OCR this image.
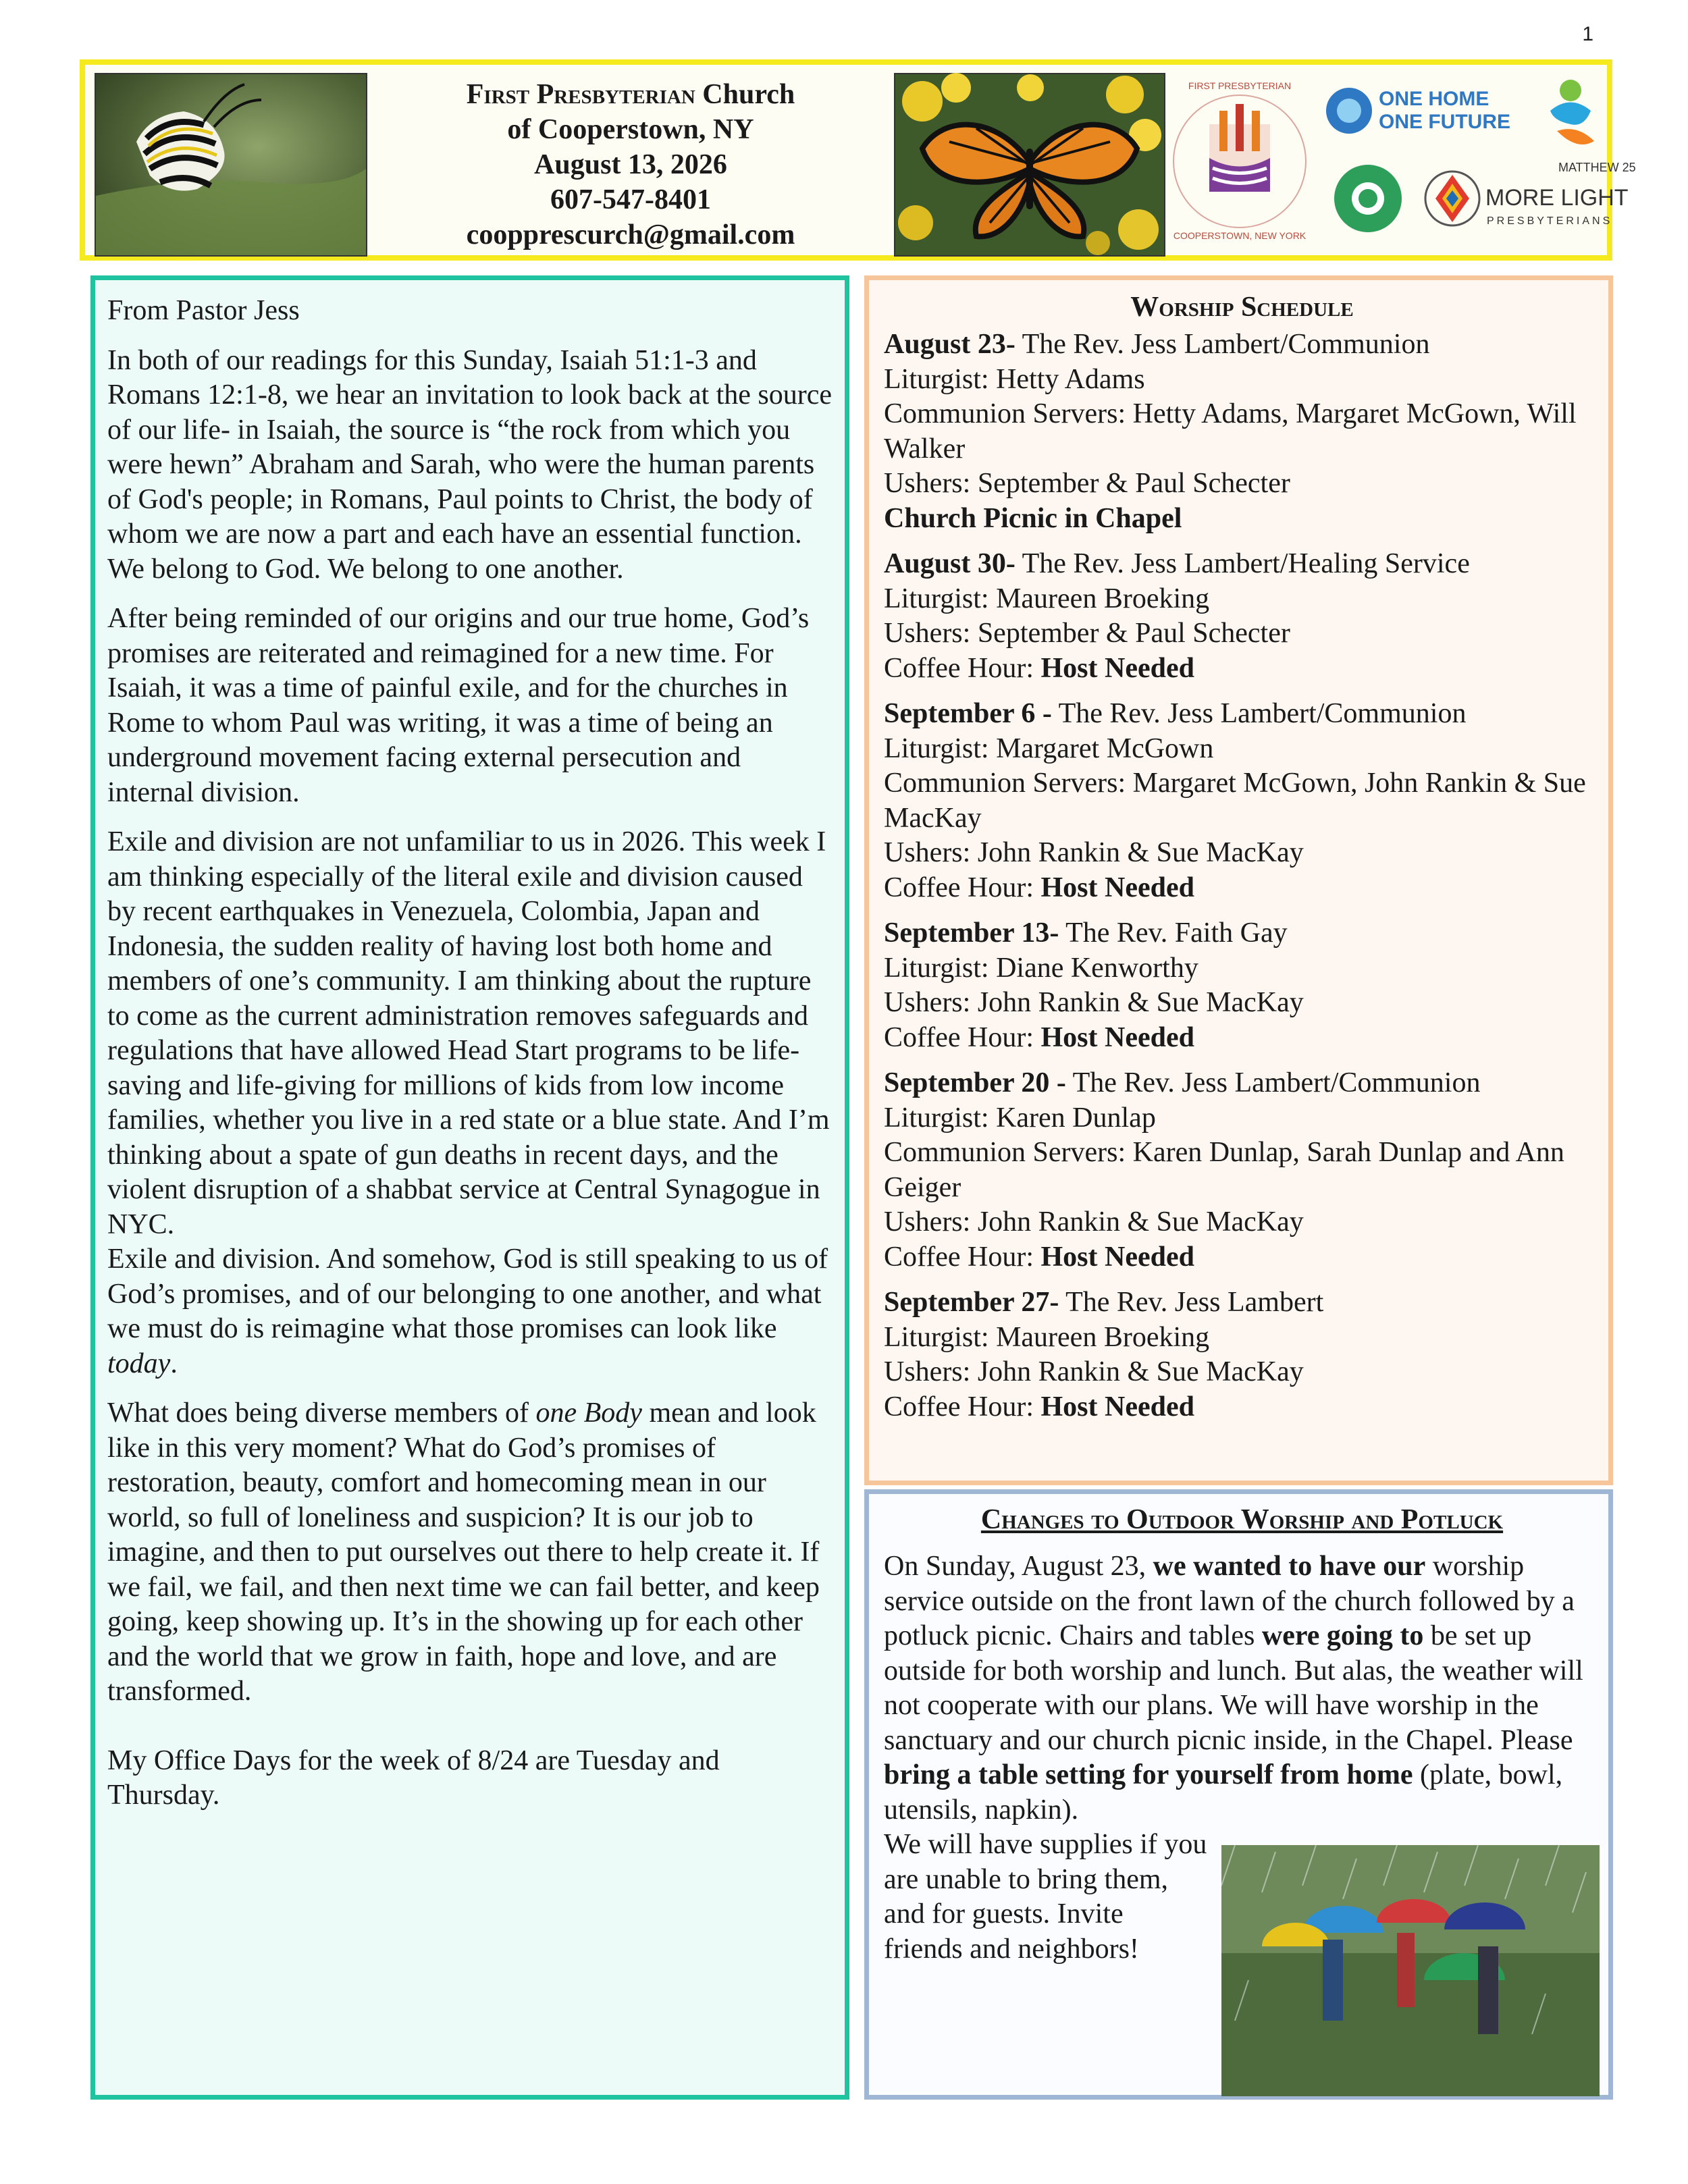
1
First Presbyterian Church
of Cooperstown, NY
August 13, 2026
607-547-8401
coopprescurch@gmail.com
FIRST PRESBYTERIAN
COOPERSTOWN, NEW YORK
ONE HOME
ONE FUTURE
MATTHEW 25
MORE LIGHT
PRESBYTERIANS

From Pastor Jess

In both of our readings for this Sunday, Isaiah 51:1-3 and Romans 12:1-8, we hear an invitation to look back at the source of our life- in Isaiah, the source is “the rock from which you were hewn” Abraham and Sarah, who were the human parents of God's people; in Romans, Paul points to Christ, the body of whom we are now a part and each have an essential function. We belong to God. We belong to one another.

After being reminded of our origins and our true home, God’s promises are reiterated and reimagined for a new time. For Isaiah, it was a time of painful exile, and for the churches in Rome to whom Paul was writing, it was a time of being an underground movement facing external persecution and internal division.

Exile and division are not unfamiliar to us in 2026. This week I am thinking especially of the literal exile and division caused by recent earthquakes in Venezuela, Colombia, Japan and Indonesia, the sudden reality of having lost both home and members of one’s community. I am thinking about the rupture to come as the current administration removes safeguards and regulations that have allowed Head Start programs to be life-saving and life-giving for millions of kids from low income families, whether you live in a red state or a blue state. And I’m thinking about a spate of gun deaths in recent days, and the violent disruption of a shabbat service at Central Synagogue in NYC.

Exile and division. And somehow, God is still speaking to us of God’s promises, and of our belonging to one another, and what we must do is reimagine what those promises can look like today.

What does being diverse members of one Body mean and look like in this very moment? What do God’s promises of restoration, beauty, comfort and homecoming mean in our world, so full of loneliness and suspicion? It is our job to imagine, and then to put ourselves out there to help create it. If we fail, we fail, and then next time we can fail better, and keep going, keep showing up. It’s in the showing up for each other and the world that we grow in faith, hope and love, and are transformed.

My Office Days for the week of 8/24 are Tuesday and Thursday.

Worship Schedule
August 23- The Rev. Jess Lambert/Communion
Liturgist: Hetty Adams
Communion Servers: Hetty Adams, Margaret McGown, Will Walker
Ushers: September & Paul Schecter
Church Picnic in Chapel
August 30- The Rev. Jess Lambert/Healing Service
Liturgist: Maureen Broeking
Ushers: September & Paul Schecter
Coffee Hour: Host Needed
September 6 - The Rev. Jess Lambert/Communion
Liturgist: Margaret McGown
Communion Servers: Margaret McGown, John Rankin & Sue MacKay
Ushers: John Rankin & Sue MacKay
Coffee Hour: Host Needed
September 13- The Rev. Faith Gay
Liturgist: Diane Kenworthy
Ushers: John Rankin & Sue MacKay
Coffee Hour: Host Needed
September 20 - The Rev. Jess Lambert/Communion
Liturgist: Karen Dunlap
Communion Servers: Karen Dunlap, Sarah Dunlap and Ann Geiger
Ushers: John Rankin & Sue MacKay
Coffee Hour: Host Needed
September 27- The Rev. Jess Lambert
Liturgist: Maureen Broeking
Ushers: John Rankin & Sue MacKay
Coffee Hour: Host Needed
Changes to Outdoor Worship and Potluck

On Sunday, August 23, we wanted to have our worship service outside on the front lawn of the church followed by a potluck picnic. Chairs and tables were going to be set up outside for both worship and lunch. But alas, the weather will not cooperate with our plans. We will have worship in the sanctuary and our church picnic inside, in the Chapel. Please bring a table setting for yourself from home (plate, bowl, utensils, napkin).

We will have supplies if you are unable to bring them, and for guests. Invite friends and neighbors!
